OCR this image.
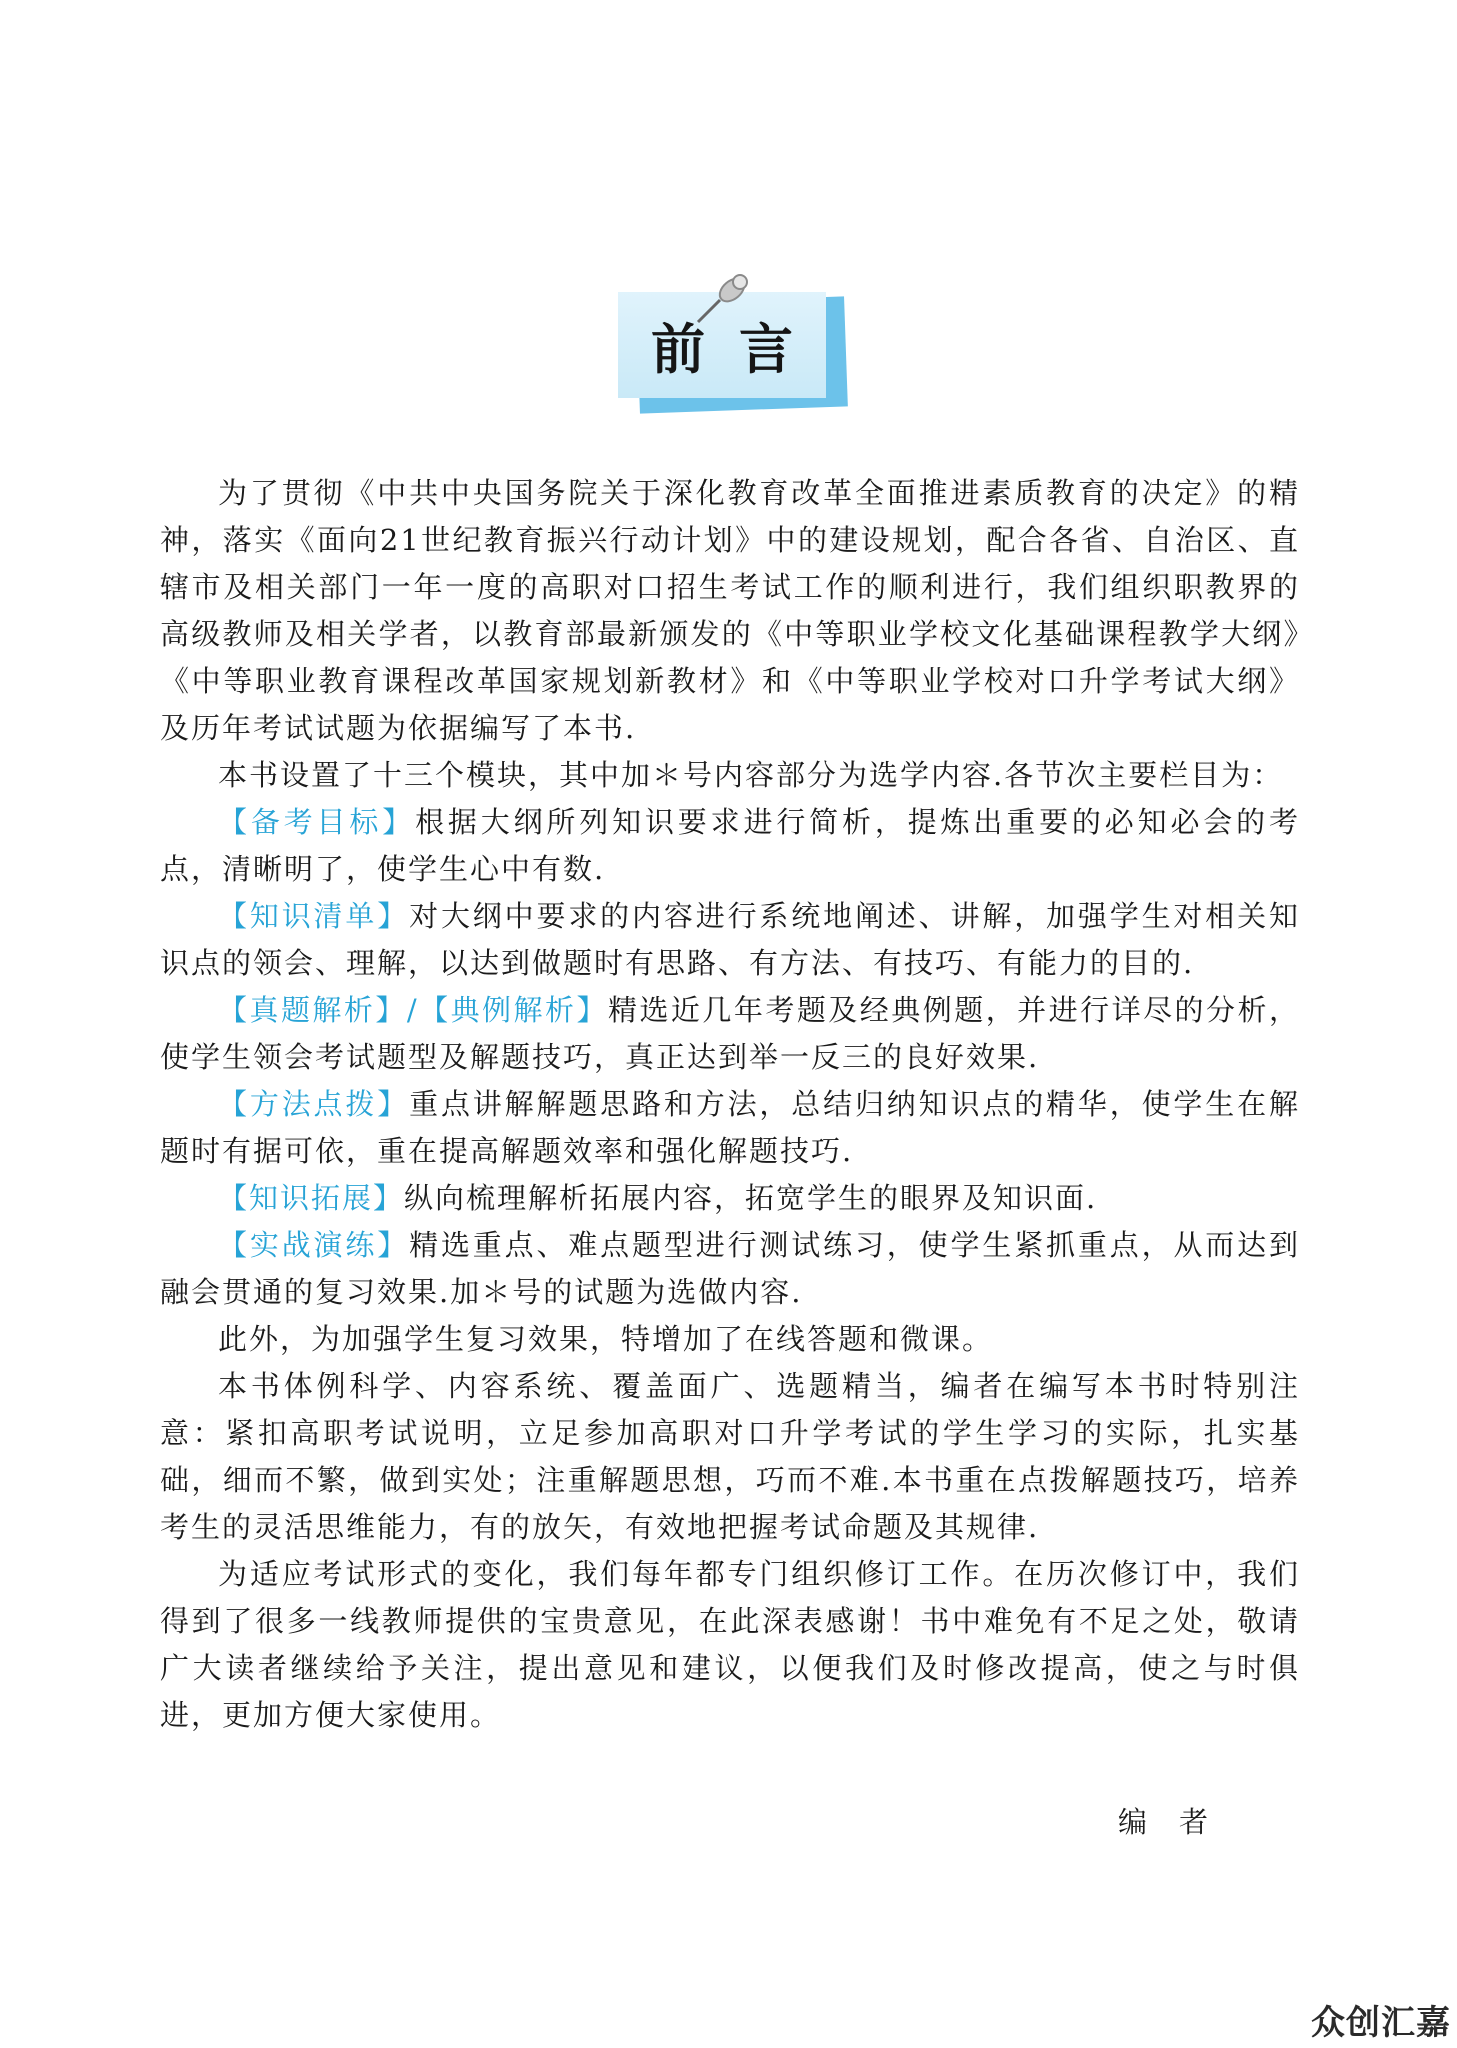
前言

为了贯彻《中共中央国务院关于深化教育改革全面推进素质教育的决定》的精神，落实《面向21世纪教育振兴行动计划》中的建设规划，配合各省、自治区、直辖市及相关部门一年一度的高职对口招生考试工作的顺利进行，我们组织职教界的高级教师及相关学者，以教育部最新颁发的《中等职业学校文化基础课程教学大纲》《中等职业教育课程改革国家规划新教材》和《中等职业学校对口升学考试大纲》及历年考试试题为依据编写了本书.

本书设置了十三个模块，其中加＊号内容部分为选学内容.各节次主要栏目为：

【备考目标】根据大纲所列知识要求进行简析，提炼出重要的必知必会的考点，清晰明了，使学生心中有数.

【知识清单】对大纲中要求的内容进行系统地阐述、讲解，加强学生对相关知识点的领会、理解，以达到做题时有思路、有方法、有技巧、有能力的目的.

【真题解析】/【典例解析】精选近几年考题及经典例题，并进行详尽的分析，使学生领会考试题型及解题技巧，真正达到举一反三的良好效果.

【方法点拨】重点讲解解题思路和方法，总结归纳知识点的精华，使学生在解题时有据可依，重在提高解题效率和强化解题技巧.

【知识拓展】纵向梳理解析拓展内容，拓宽学生的眼界及知识面.

【实战演练】精选重点、难点题型进行测试练习，使学生紧抓重点，从而达到融会贯通的复习效果.加＊号的试题为选做内容.

此外，为加强学生复习效果，特增加了在线答题和微课。

本书体例科学、内容系统、覆盖面广、选题精当，编者在编写本书时特别注意：紧扣高职考试说明，立足参加高职对口升学考试的学生学习的实际，扎实基础，细而不繁，做到实处；注重解题思想，巧而不难.本书重在点拨解题技巧，培养考生的灵活思维能力，有的放矢，有效地把握考试命题及其规律.

为适应考试形式的变化，我们每年都专门组织修订工作。在历次修订中，我们得到了很多一线教师提供的宝贵意见，在此深表感谢！书中难免有不足之处，敬请广大读者继续给予关注，提出意见和建议，以便我们及时修改提高，使之与时俱进，更加方便大家使用。

编者
众创汇嘉
